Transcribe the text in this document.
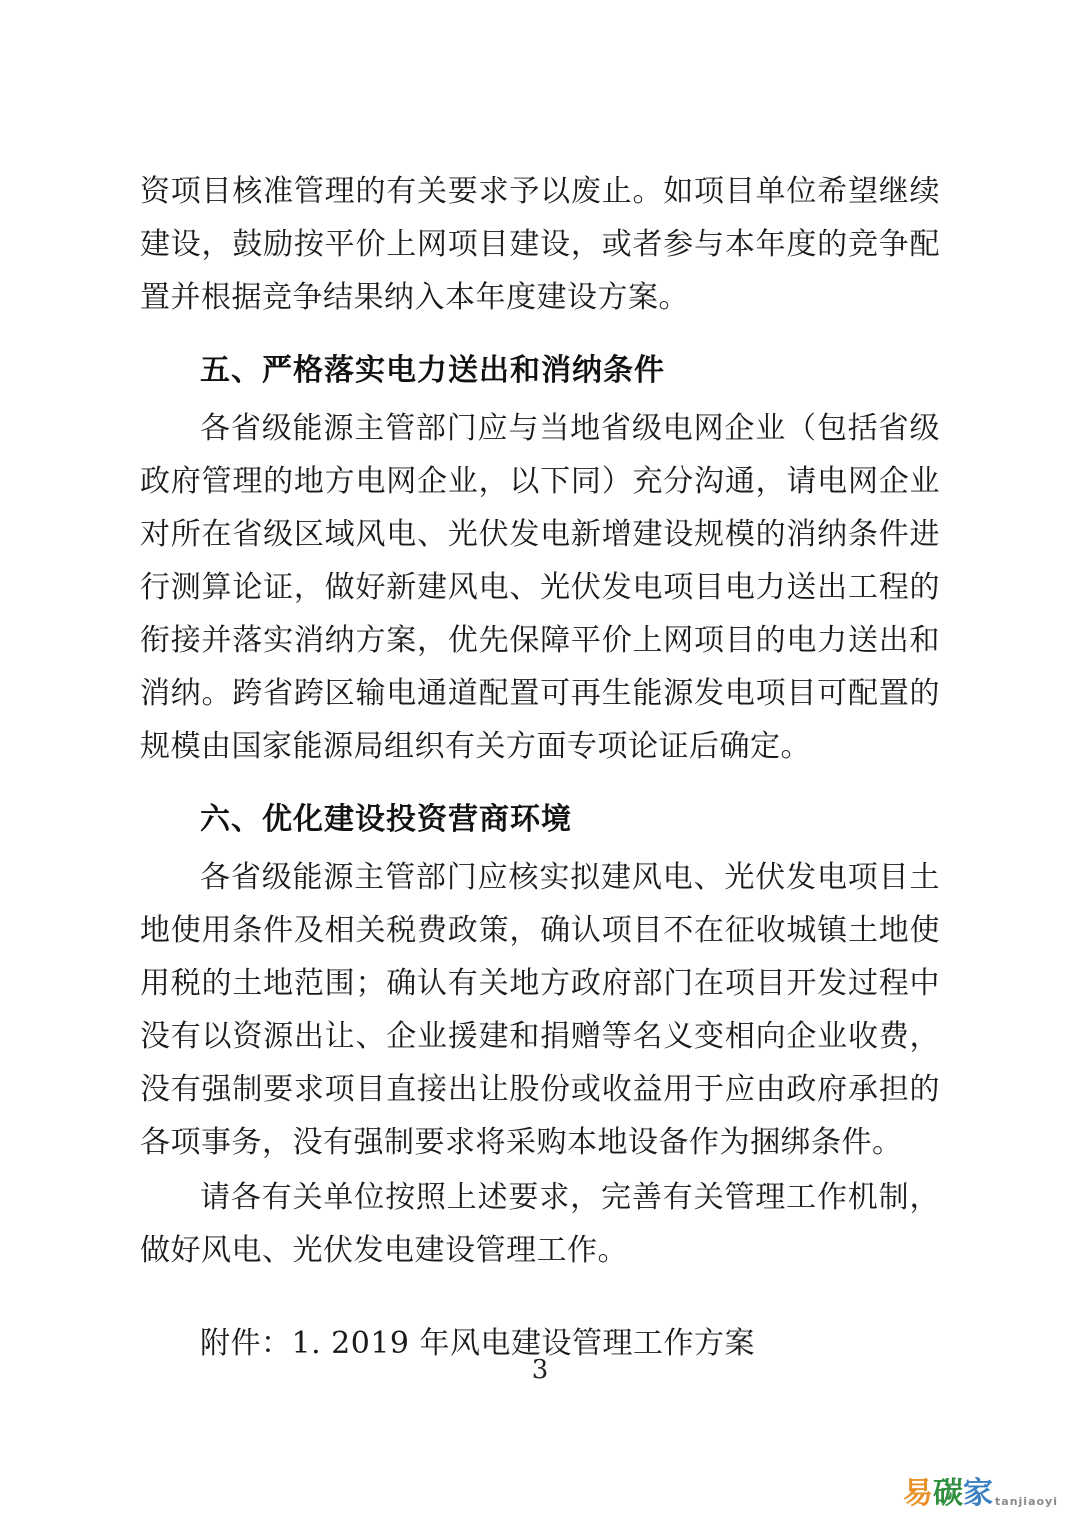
资项目核准管理的有关要求予以废止。如项目单位希望继续建设，鼓励按平价上网项目建设，或者参与本年度的竞争配置并根据竞争结果纳入本年度建设方案。

五、严格落实电力送出和消纳条件

各省级能源主管部门应与当地省级电网企业（包括省级政府管理的地方电网企业，以下同）充分沟通，请电网企业对所在省级区域风电、光伏发电新增建设规模的消纳条件进行测算论证，做好新建风电、光伏发电项目电力送出工程的衔接并落实消纳方案，优先保障平价上网项目的电力送出和消纳。跨省跨区输电通道配置可再生能源发电项目可配置的规模由国家能源局组织有关方面专项论证后确定。

六、优化建设投资营商环境

各省级能源主管部门应核实拟建风电、光伏发电项目土地使用条件及相关税费政策，确认项目不在征收城镇土地使用税的土地范围；确认有关地方政府部门在项目开发过程中没有以资源出让、企业援建和捐赠等名义变相向企业收费，没有强制要求项目直接出让股份或收益用于应由政府承担的各项事务，没有强制要求将采购本地设备作为捆绑条件。

请各有关单位按照上述要求，完善有关管理工作机制，做好风电、光伏发电建设管理工作。

附件：1. 2019 年风电建设管理工作方案
3
易 碳 家 tanjiaoyi
